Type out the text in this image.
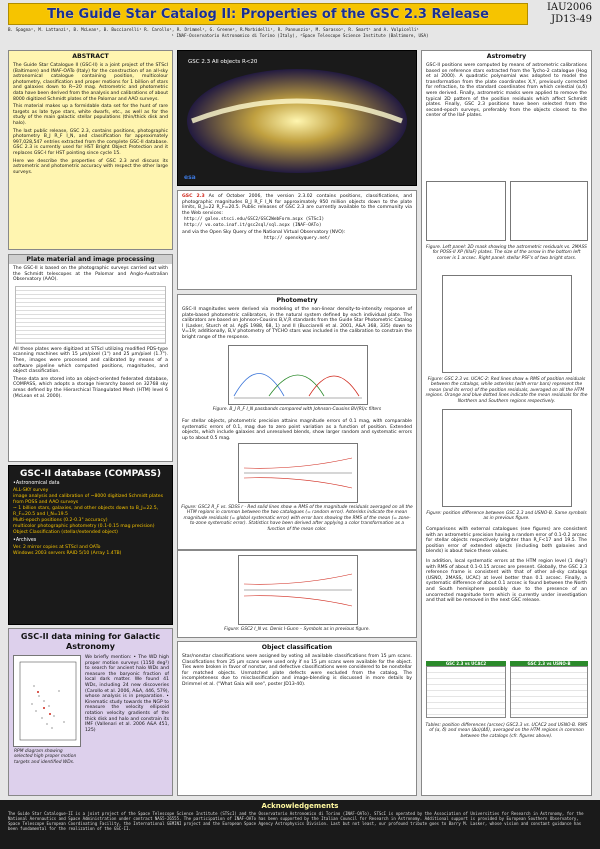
The Guide Star Catalog II: Properties of the GSC 2.3 Release	IAU2006
JD13-49
B. Spagna¹, M. Lattanzi¹, B. McLean², B. Bucciarelli¹ R. Carollo¹, R. Drimmel¹, G. Greene², R.Morbidelli¹, R. Pannunzio¹, M. Sarasso¹, R. Smart¹ and A. Volpicelli¹
¹ INAF-Osservatorio Astronomico di Torino (Italy), ²Space Telescope Science Institute (Baltimore, USA)
ABSTRACT

The Guide Star Catalogue II (GSC-II) is a joint project of the STScI (Baltimore) and INAF-OATo (Italy) for the construction of an all-sky astronomical catalogue containing position, multicolour photometry, classification and proper motions for 1 billion of stars and galaxies down to R~20 mag. Astrometric and photometric data have been derived from the analysis and calibrations of about 8000 digitized Schmidt plates of the Palomar and AAO surveys.

This material makes up a formidable data set for the hunt of rare targets as late type stars, white dwarfs, etc., as well as for the study of the main galactic stellar populations (thin/thick disk and halo).

The last public release, GSC 2.3, contains positions, photographic photometry B_J R_F I_N, and classification for approximately 997,028,547 entries extracted from the complete GSC-II database. GSC 2.3 is currently used for HST Bright Object Protection and it replaces GSC-I for HST pointing since cycle 15.

Here we describe the properties of GSC 2.3 and discuss its astrometric and photometric accuracy with respect the other large surveys.

Plate material and image processing

The GSC-II is based on the photographic surveys carried out with the Schmidt telescopes at the Palomar and Anglo-Australian Observatory (AAO).

All these plates were digitized at STScI utilizing modified PDS-type scanning machines with 15 μm/pixel (1") and 25 μm/pixel (1.7"). Then, images were processed and calibrated by means of a software pipeline which computed positions, magnitudes, and object classification.

These data are stored into an object-oriented federated database, COMPASS, which adopts a storage hierarchy based on 32768 sky areas defined by the Hierarchical Triangulated Mesh (HTM) level 6 (McLean et al. 2000).

GSC-II database (COMPASS)
•Astronomical data
ALL-SKY survey
image analysis and calibration of ~8000 digitized Schmidt plates from POSS and AAO surveys
~ 1 billion stars, galaxies, and other objects down to B_J=22.5, R_F=20.5 and I_N=19.5
Multi-epoch positions (0.2-0.3" accuracy)
multicolor photographic photometry (0.1-0.15 mag precision)
Object Classification (stellar/extended object)
•Archives
Ver. 2 mirror copies at STScI and OATo
Windows 2003 servers RAID 5/10 (Array 1.4TB)
GSC-II data mining for Galactic Astronomy

We briefly mention: • The WD high proper motion surveys (1150 deg²) to search for ancient halo WDs and measure the baryonic fraction of local dark matter. We found 41 WDs, including 24 new discoveries (Carollo et al. 2006, A&A, 446, 579), whose analysis is in preparation. • Kinematic study towards the NGP to measure the velocity ellipsoid rotation velocity gradients of the thick disk and halo and constrain its IMF (Vallenari et al. 2006 A&A 451, 125)

RPM diagram showing selected high proper motion targets and identified WDs.

GSC 2.3 All objects R<20
esa

GSC 2.3 As of October 2006, the version 2.3.02 contains positions, classifications, and photographic magnitudes B_J R_F I_N for approximately 950 million objects down to the plate limits, B_J=22 R_F=20.5. Public releases of GSC 2.3 are currently available to the community via the Web services:

http:// galex.stsci.edu/GSC2/GSC2WebForm.aspx (STScI)
http:// vo.oato.inaf.it/gsc2sql/sql.aspx (INAF-OATo)

and via the Open Sky Query of the National Virtual Observatory (NVO):

http:// openskyquery.net/
Photometry

GSC-II magnitudes were derived via modeling of the non-linear density-to-intensity response of plate-based photometric calibrators, in the natural system defined by each individual plate. The calibrators are based on Johnson-Cousins B,V,R standards from the Guide Star Photometric Catalog I (Lasker, Sturch et al. ApJS 1988, 68, 1) and II (Bucciarelli et al. 2001, A&A 368, 335) down to V=19; additionally, B,V photometry of TYCHO stars was included in the calibration to constrain the bright range of the response.

Figure. B_J R_F I_N passbands compared with Johnson-Cousins BV(RI)c filters

For stellar objects, photometric precision attains magnitude errors of 0.1 mag, with comparable systematic errors of 0.1, mag due to zero point variation as a function of position. Extended objects, which include galaxies and unresolved blends, show larger random and systematic errors up to about 0.5 mag.

Figure: GSC2 R_F vs. SDSS r - Red solid lines show ± RMS of the magnitude residuals averaged on all the HTM regions in common between the two catalogues (= random error). Asterisks indicate the mean magnitude residuals (= global systematic error) with error bars showing the RMS of the mean (= zone-to-zone systematic error). Statistics have been derived after applying a color transformation as a function of the mean color.

Figure: GSC2 I_N vs. Denis I-Gunn – Symbols as in previous figure.

Object classification

Star/nonstar classifications were assigned by voting all available classifications from 15 μm scans. Classifications from 25 μm scans were used only if no 15 μm scans were available for the object. Ties were broken in favor of nonstar, and defective classifications were considered to be nonstellar for matched objects. Unmatched plate defects were excluded from the catalog. The incompleteness due to misclassification and image-blending is discussed in more details by Drimmel et al. ("What Gaia will see", poster JD13-40).

Astrometry

GSC-II positions were computed by means of astrometric calibrations based on reference stars extracted from the Tycho-2 catalogue (Hog et al 2000). A quadratic polynomial was adopted to model the transformation from the plate coordinates X,Y, previously corrected for refraction, to the standard coordinates from which celestial (α,δ) were derived. Finally, astrometric masks were applied to remove the typical 2D pattern of the position residuals which affect Schmidt plates. Finally, GSC 2.3 positions have been selected from the second-epoch surveys, preferably from the objects closest to the center of the IIaF plates.

Figure. Left panel: 2D mask showing the astrometric residuals vs. 2MASS for POSS-II XP (IIIaF) plates. The size of the arrow in the bottom left corner is 1 arcsec. Right panel: stellar PSF's of two bright stars.

Figure: GSC 2.3 vs. UCAC-2: Red lines show ± RMS of position residuals between the catalogs, while asterisks (with error bars) represent the mean (and its error) of the position residuals, averaged on all the HTM regions. Orange and blue dotted lines indicate the mean residuals for the Northern and Southern regions respectively.

Figure: position difference between GSC 2.3 and USNO-B. Same symbols as in previous figure.

Comparisons with external catalogues (see figures) are consistent with an astrometric precision having a random error of 0.1-0.2 arcsec for stellar objects respectively brighter than R_F<17 and 19.5. The position error of extended objects (including both galaxies and blends) is about twice these values.

In addition, local systematic errors at the HTM region level (1 deg²) with RMS of about 0.1-0.15 arcsec are present. Globally, the GSC 2.3 reference frame is consistent with that of other all-sky catalogs (USNO, 2MASS, UCAC) at level better than 0.1 arcsec. Finally, a systematic difference of about 0.1 arcsec is found between the North and South hemisphere possibly due to the presence of an uncorrected magnitude term which is currently under investigation and that will be removed in the next GSC release.

GSC 2.3 vs UCAC2	GSC 2.3 vs USNO-B

Tables: position differences (arcsec) GSC2.3 vs. UCAC2 and USNO-B. RMS of (α, δ) and mean (Δα)(Δδ), averaged on the HTM regions in common between the catalogs (cfr. figures above).

Acknowledgements
The Guide Star Catalogue-II is a joint project of the Space Telescope Science Institute (STScI) and the Osservatorio Astronomico di Torino (INAF-OATo). STScI is operated by the Association of Universities for Research in Astronomy, for the National Aeronautics and Space Administration under contract NAS5-26555. The participation of INAF-OATo has been supported by the Italian Council for Research in Astronomy. Additional support is provided by European Southern Observatory, Space Telescope European Coordinating Facility, the International GEMINI project and the European Space Agency Astrophysics Division. Last but not least, our profound tribute goes to Barry M. Lasker, whose vision and constant guidance has been fundamental for the realization of the GSC-II.
